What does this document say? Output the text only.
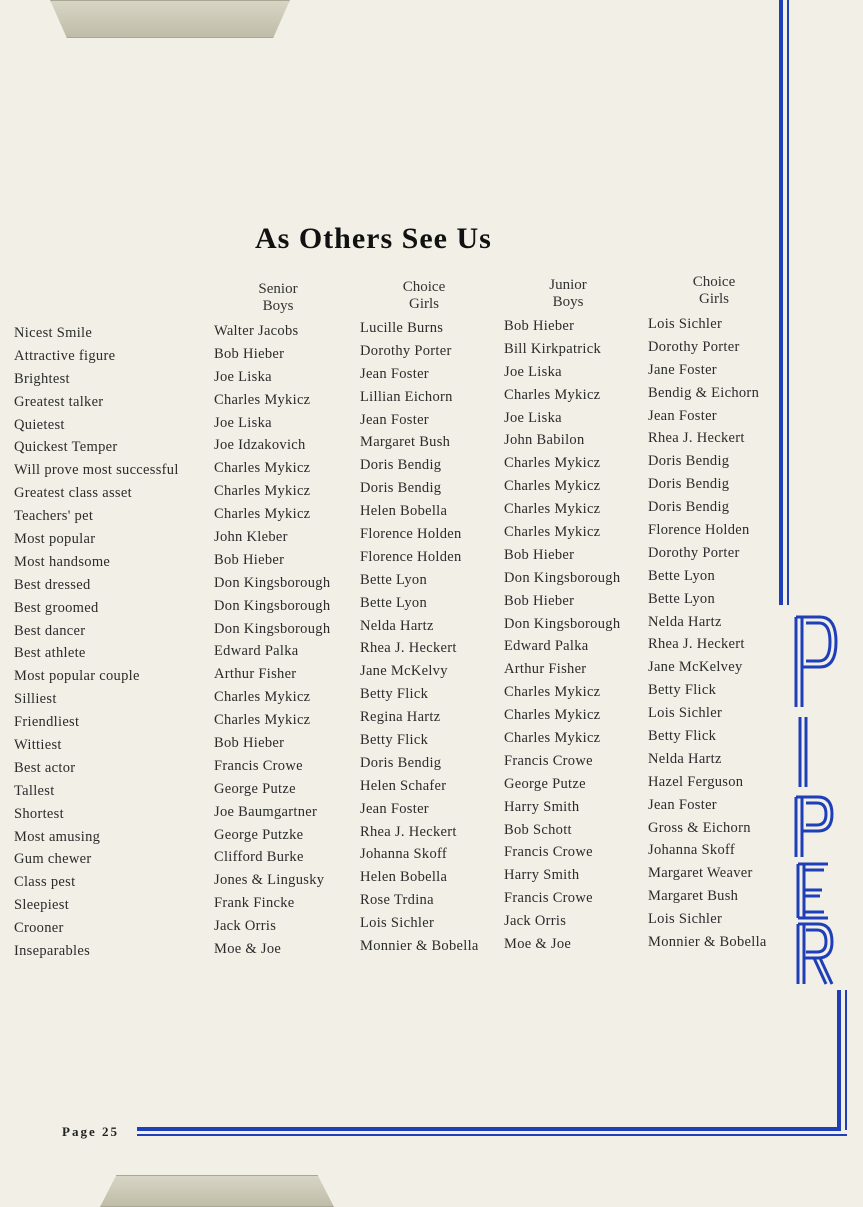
As Others See Us
Senior
Boys
Choice
Girls
Junior
Boys
Choice
Girls
Nicest Smile
Attractive figure
Brightest
Greatest talker
Quietest
Quickest Temper
Will prove most successful
Greatest class asset
Teachers' pet
Most popular
Most handsome
Best dressed
Best groomed
Best dancer
Best athlete
Most popular couple
Silliest
Friendliest
Wittiest
Best actor
Tallest
Shortest
Most amusing
Gum chewer
Class pest
Sleepiest
Crooner
Inseparables
Walter Jacobs
Bob Hieber
Joe Liska
Charles Mykicz
Joe Liska
Joe Idzakovich
Charles Mykicz
Charles Mykicz
Charles Mykicz
John Kleber
Bob Hieber
Don Kingsborough
Don Kingsborough
Don Kingsborough
Edward Palka
Arthur Fisher
Charles Mykicz
Charles Mykicz
Bob Hieber
Francis Crowe
George Putze
Joe Baumgartner
George Putzke
Clifford Burke
Jones & Lingusky
Frank Fincke
Jack Orris
Moe & Joe
Lucille Burns
Dorothy Porter
Jean Foster
Lillian Eichorn
Jean Foster
Margaret Bush
Doris Bendig
Doris Bendig
Helen Bobella
Florence Holden
Florence Holden
Bette Lyon
Bette Lyon
Nelda Hartz
Rhea J. Heckert
Jane McKelvy
Betty Flick
Regina Hartz
Betty Flick
Doris Bendig
Helen Schafer
Jean Foster
Rhea J. Heckert
Johanna Skoff
Helen Bobella
Rose Trdina
Lois Sichler
Monnier & Bobella
Bob Hieber
Bill Kirkpatrick
Joe Liska
Charles Mykicz
Joe Liska
John Babilon
Charles Mykicz
Charles Mykicz
Charles Mykicz
Charles Mykicz
Bob Hieber
Don Kingsborough
Bob Hieber
Don Kingsborough
Edward Palka
Arthur Fisher
Charles Mykicz
Charles Mykicz
Charles Mykicz
Francis Crowe
George Putze
Harry Smith
Bob Schott
Francis Crowe
Harry Smith
Francis Crowe
Jack Orris
Moe & Joe
Lois Sichler
Dorothy Porter
Jane Foster
Bendig & Eichorn
Jean Foster
Rhea J. Heckert
Doris Bendig
Doris Bendig
Doris Bendig
Florence Holden
Dorothy Porter
Bette Lyon
Bette Lyon
Nelda Hartz
Rhea J. Heckert
Jane McKelvey
Betty Flick
Lois Sichler
Betty Flick
Nelda Hartz
Hazel Ferguson
Jean Foster
Gross & Eichorn
Johanna Skoff
Margaret Weaver
Margaret Bush
Lois Sichler
Monnier & Bobella
Page 25
